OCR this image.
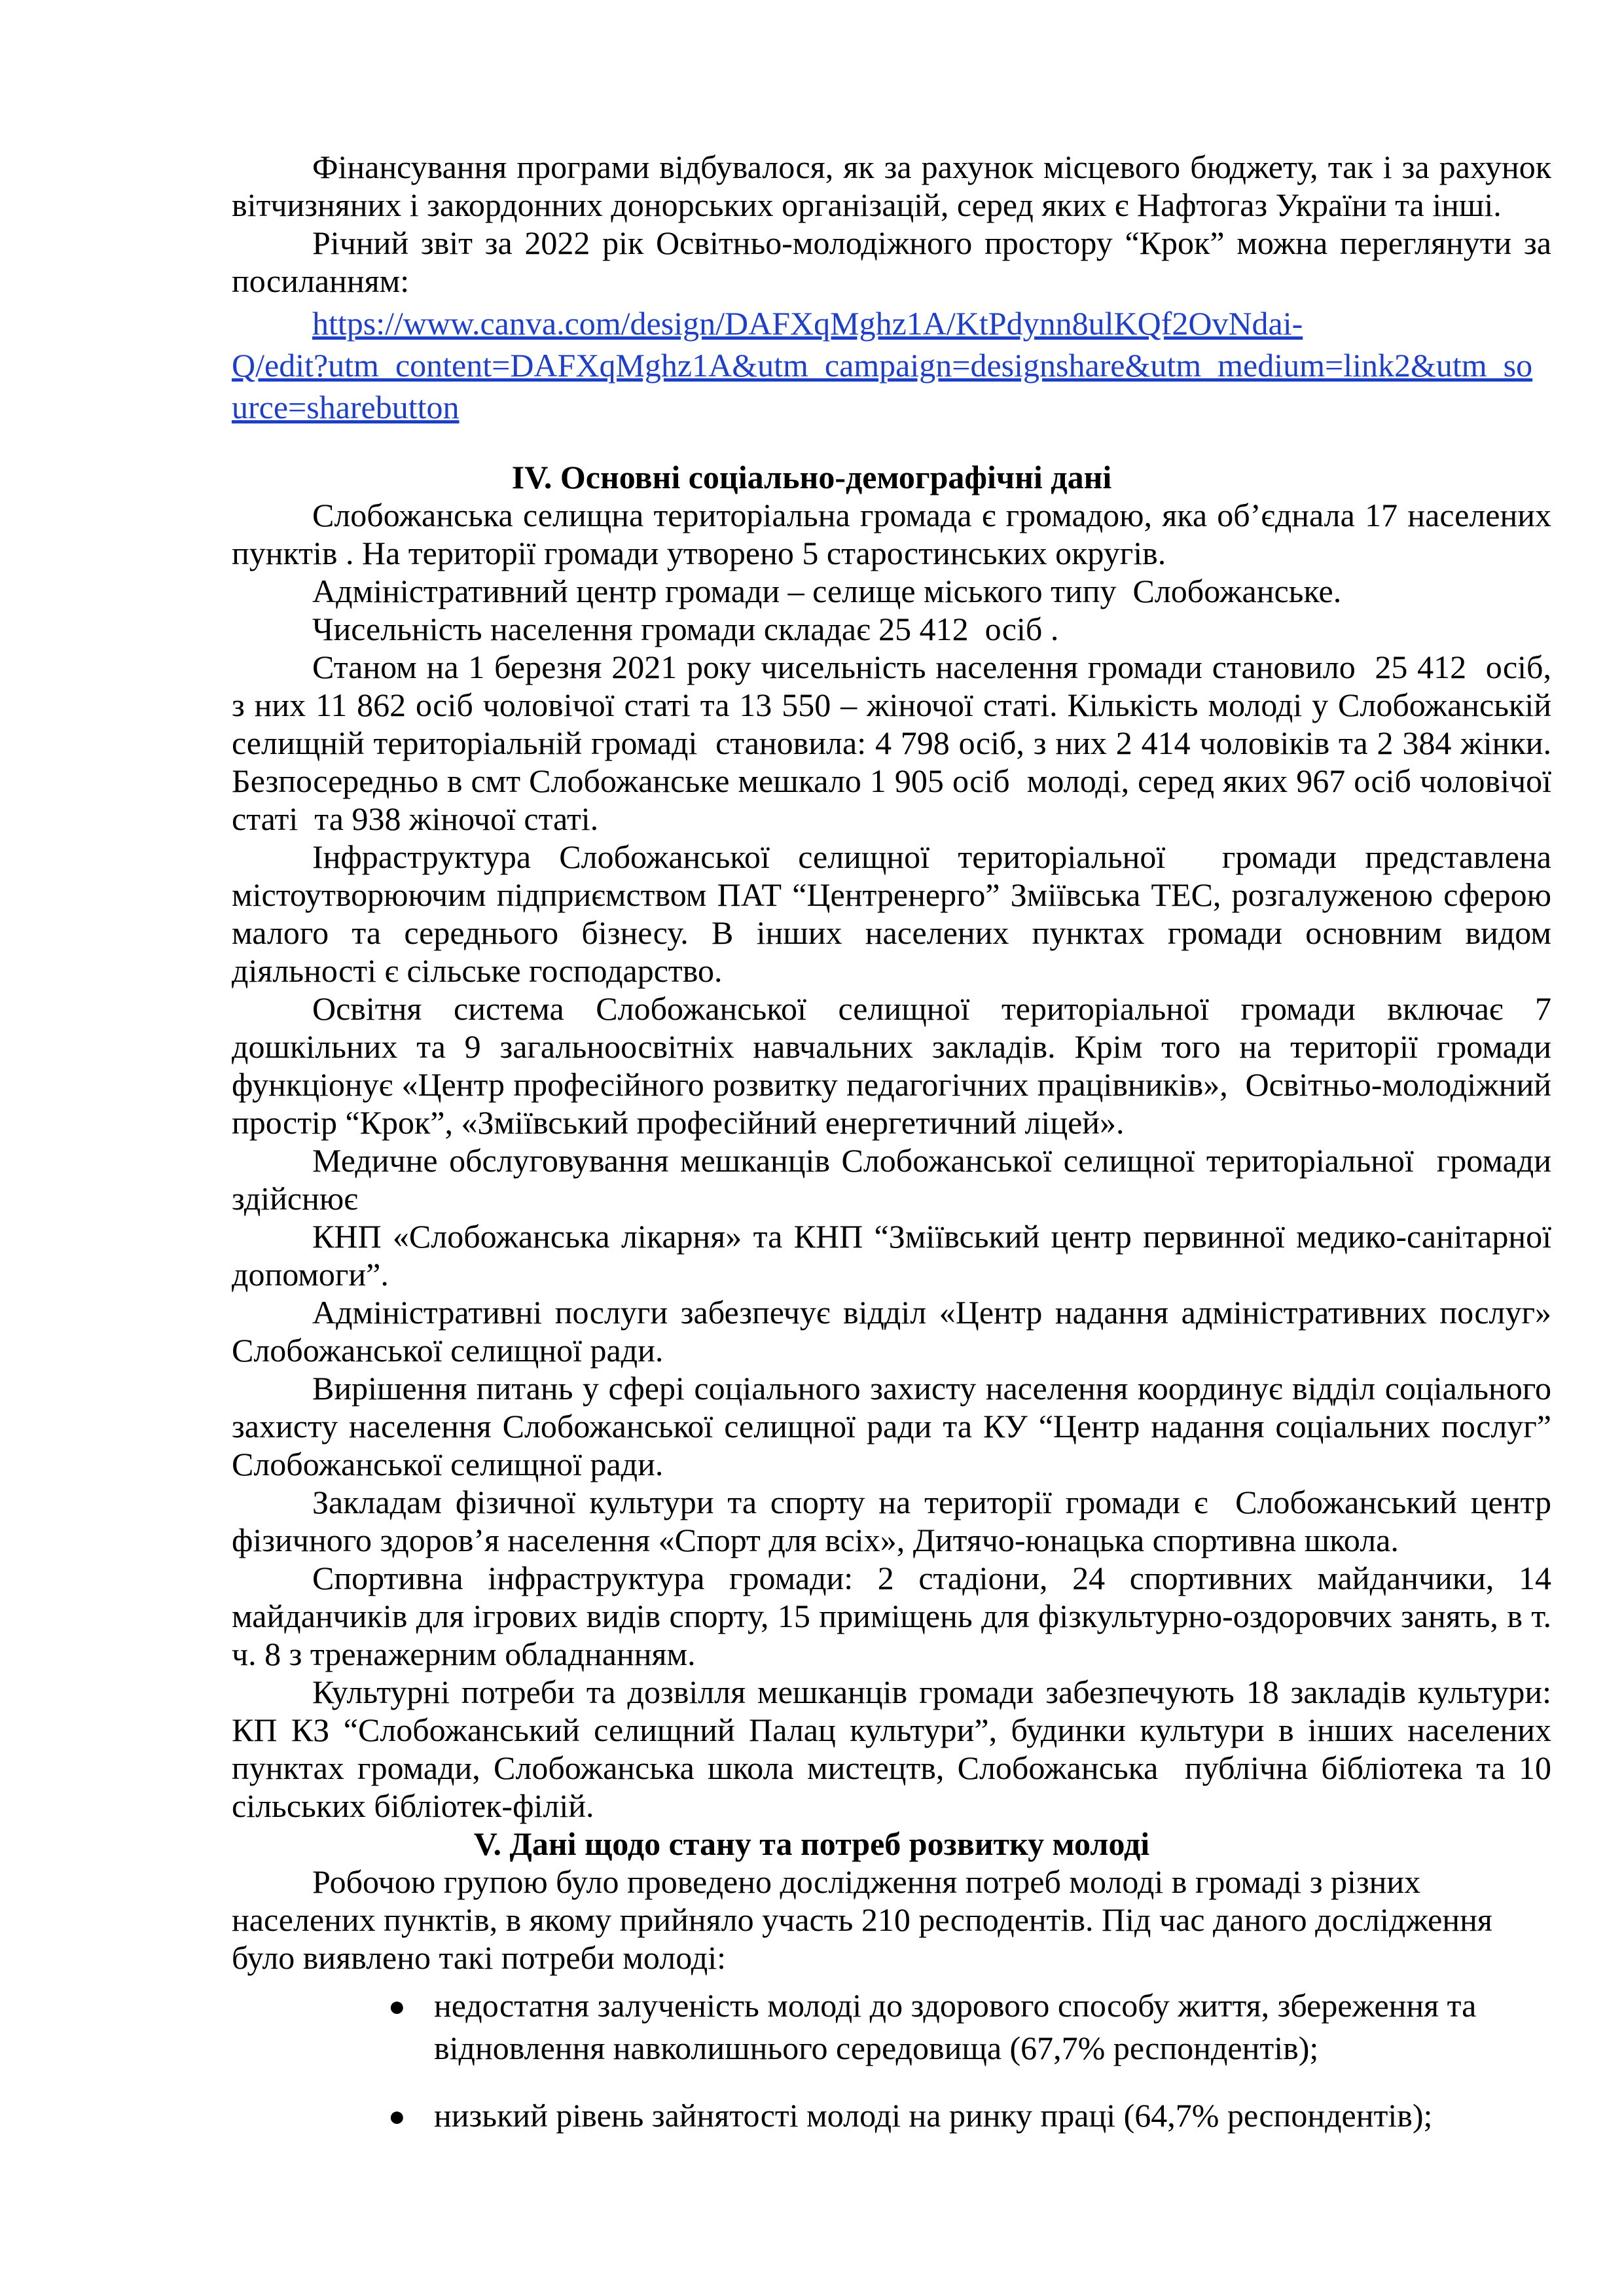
Фінансування програми відбувалося, як за рахунок місцевого бюджету, так і за рахунок вітчизняних і закордонних донорських організацій, серед яких є Нафтогаз України та інші.

Річний звіт за 2022 рік Освітньо-молодіжного простору “Крок” можна переглянути за посиланням:

https://www.canva.com/design/DAFXqMghz1A/KtPdynn8ulKQf2OvNdai-
Q/edit?utm_content=DAFXqMghz1A&utm_campaign=designshare&utm_medium=link2&utm_so
urce=sharebutton
IV. Основні соціально-демографічні дані

Слобожанська селищна територіальна громада є громадою, яка об’єднала 17 населених пунктів . На території громади утворено 5 старостинських округів.

Адміністративний центр громади – селище міського типу  Слобожанське.

Чисельність населення громади складає 25 412  осіб .

Станом на 1 березня 2021 року чисельність населення громади становило  25 412  осіб, з них 11 862 осіб чоловічої статі та 13 550 – жіночої статі. Кількість молоді у Слобожанській селищній територіальній громаді  становила: 4 798 осіб, з них 2 414 чоловіків та 2 384 жінки. Безпосередньо в смт Слобожанське мешкало 1 905 осіб  молоді, серед яких 967 осіб чоловічої статі  та 938 жіночої статі.

Інфраструктура Слобожанської селищної територіальної  громади представлена містоутворюючим підприємством ПАТ “Центренерго” Зміївська ТЕС, розгалуженою сферою малого та середнього бізнесу. В інших населених пунктах громади основним видом діяльності є сільське господарство.

Освітня система Слобожанської селищної територіальної громади включає 7 дошкільних та 9 загальноосвітніх навчальних закладів. Крім того на території громади функціонує «Центр професійного розвитку педагогічних працівників»,  Освітньо-молодіжний простір “Крок”, «Зміївський професійний енергетичний ліцей».

Медичне обслуговування мешканців Слобожанської селищної територіальної  громади здійснює

КНП «Слобожанська лікарня» та КНП “Зміївський центр первинної медико-санітарної допомоги”.

Адміністративні послуги забезпечує відділ «Центр надання адміністративних послуг» Слобожанської селищної ради.

Вирішення питань у сфері соціального захисту населення координує відділ соціального захисту населення Слобожанської селищної ради та КУ “Центр надання соціальних послуг” Слобожанської селищної ради.

Закладам фізичної культури та спорту на території громади є  Слобожанський центр фізичного здоров’я населення «Спорт для всіх», Дитячо-юнацька спортивна школа.

Спортивна інфраструктура громади: 2 стадіони, 24 спортивних майданчики, 14 майданчиків для ігрових видів спорту, 15 приміщень для фізкультурно-оздоровчих занять, в т. ч. 8 з тренажерним обладнанням.

Культурні потреби та дозвілля мешканців громади забезпечують 18 закладів культури: КП КЗ “Слобожанський селищний Палац культури”, будинки культури в інших населених пунктах громади, Слобожанська школа мистецтв, Слобожанська  публічна бібліотека та 10 сільських бібліотек-філій.

V. Дані щодо стану та потреб розвитку молоді

Робочою групою було проведено дослідження потреб молоді в громаді з різних населених пунктів, в якому прийняло участь 210 респодентів. Під час даного дослідження було виявлено такі потреби молоді:

● недостатня залученість молоді до здорового способу життя, збереження та відновлення навколишнього середовища (67,7% респондентів);
● низький рівень зайнятості молоді на ринку праці (64,7% респондентів);
